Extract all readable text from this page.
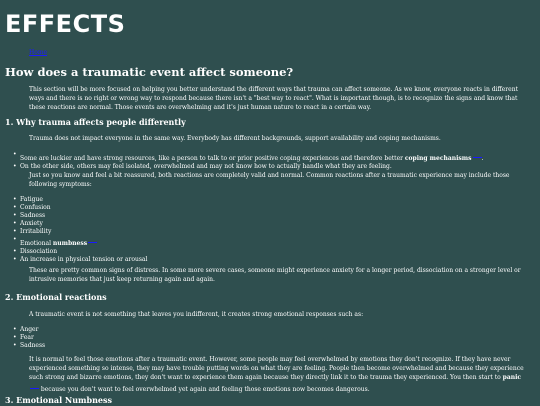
EFFECTS
Home
How does a traumatic event affect someone?

This section will be more focused on helping you better understand the different ways that trauma can affect someone. As we know, everyone reacts in different ways and there is no right or wrong way to respond because there isn't a "best way to react". What is important though, is to recognize the signs and know that these reactions are normal. Those events are overwhelming and it's just human nature to react in a certain way.

1. Why trauma affects people differently

Trauma does not impact everyone in the same way. Everybody has different backgrounds, support availability and coping mechanisms.

• Some are luckier and have strong resources, like a person to talk to or prior positive coping experiences and therefore better coping mechanisms .
• On the other side, others may feel isolated, overwhelmed and may not know how to actually handle what they are feeling.

Just so you know and feel a bit reassured, both reactions are completely valid and normal. Common reactions after a traumatic experience may include those following symptoms:

• Fatigue
• Confusion
• Sadness
• Anxiety
• Irritability
• Emotional numbness
• Dissociation
• An increase in physical tension or arousal

These are pretty common signs of distress. In some more severe cases, someone might experience anxiety for a longer period, dissociation on a stronger level or intrusive memories that just keep returning again and again.

2. Emotional reactions

A traumatic event is not something that leaves you indifferent, it creates strong emotional responses such as:

• Anger
• Fear
• Sadness

It is normal to feel those emotions after a traumatic event. However, some people may feel overwhelmed by emotions they don't recognize. If they have never experienced something so intense, they may have trouble putting words on what they are feeling. People then become overwhelmed and because they experience such strong and bizarre emotions, they don't want to experience them again because they directly link it to the trauma they experienced. You then start to panic because you don't want to feel overwhelmed yet again and feeling those emotions now becomes dangerous.

3. Emotional Numbness
